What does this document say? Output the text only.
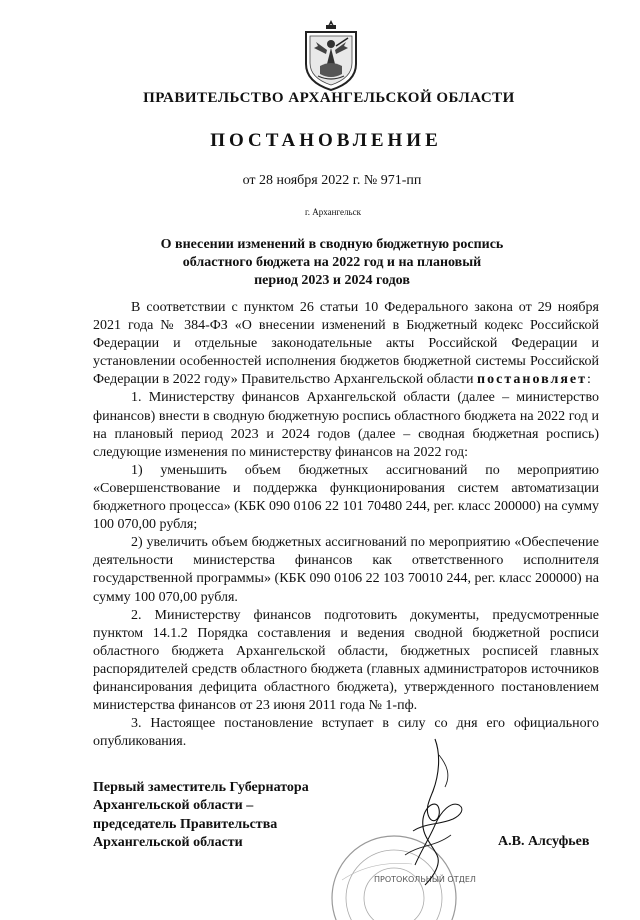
ПРАВИТЕЛЬСТВО АРХАНГЕЛЬСКОЙ ОБЛАСТИ
ПОСТАНОВЛЕНИЕ
от 28 ноября 2022 г. № 971-пп
г. Архангельск
О внесении изменений в сводную бюджетную роспись
областного бюджета на 2022 год и на плановый
период 2023 и 2024 годов

В соответствии с пунктом 26 статьи 10 Федерального закона от 29 ноября 2021 года № 384-ФЗ «О внесении изменений в Бюджетный кодекс Российской Федерации и отдельные законодательные акты Российской Федерации и установлении особенностей исполнения бюджетов бюджетной системы Российской Федерации в 2022 году» Правительство Архангельской области постановляет:

1. Министерству финансов Архангельской области (далее – министерство финансов) внести в сводную бюджетную роспись областного бюджета на 2022 год и на плановый период 2023 и 2024 годов (далее – сводная бюджетная роспись) следующие изменения по министерству финансов на 2022 год:

1) уменьшить объем бюджетных ассигнований по мероприятию «Совершенствование и поддержка функционирования систем автоматизации бюджетного процесса» (КБК 090 0106 22 101 70480 244, рег. класс 200000) на сумму 100 070,00 рубля;

2) увеличить объем бюджетных ассигнований по мероприятию «Обеспечение деятельности министерства финансов как ответственного исполнителя государственной программы» (КБК 090 0106 22 103 70010 244, рег. класс 200000) на сумму 100 070,00 рубля.

2. Министерству финансов подготовить документы, предусмотренные пунктом 14.1.2 Порядка составления и ведения сводной бюджетной росписи областного бюджета Архангельской области, бюджетных росписей главных распорядителей средств областного бюджета (главных администраторов источников финансирования дефицита областного бюджета), утвержденного постановлением министерства финансов от 23 июня 2011 года № 1-пф.

3. Настоящее постановление вступает в силу со дня его официального опубликования.

Первый заместитель Губернатора
Архангельской области –
председатель Правительства
Архангельской области
ПРОТОКОЛЬНЫЙ ОТДЕЛ
А.В. Алсуфьев
